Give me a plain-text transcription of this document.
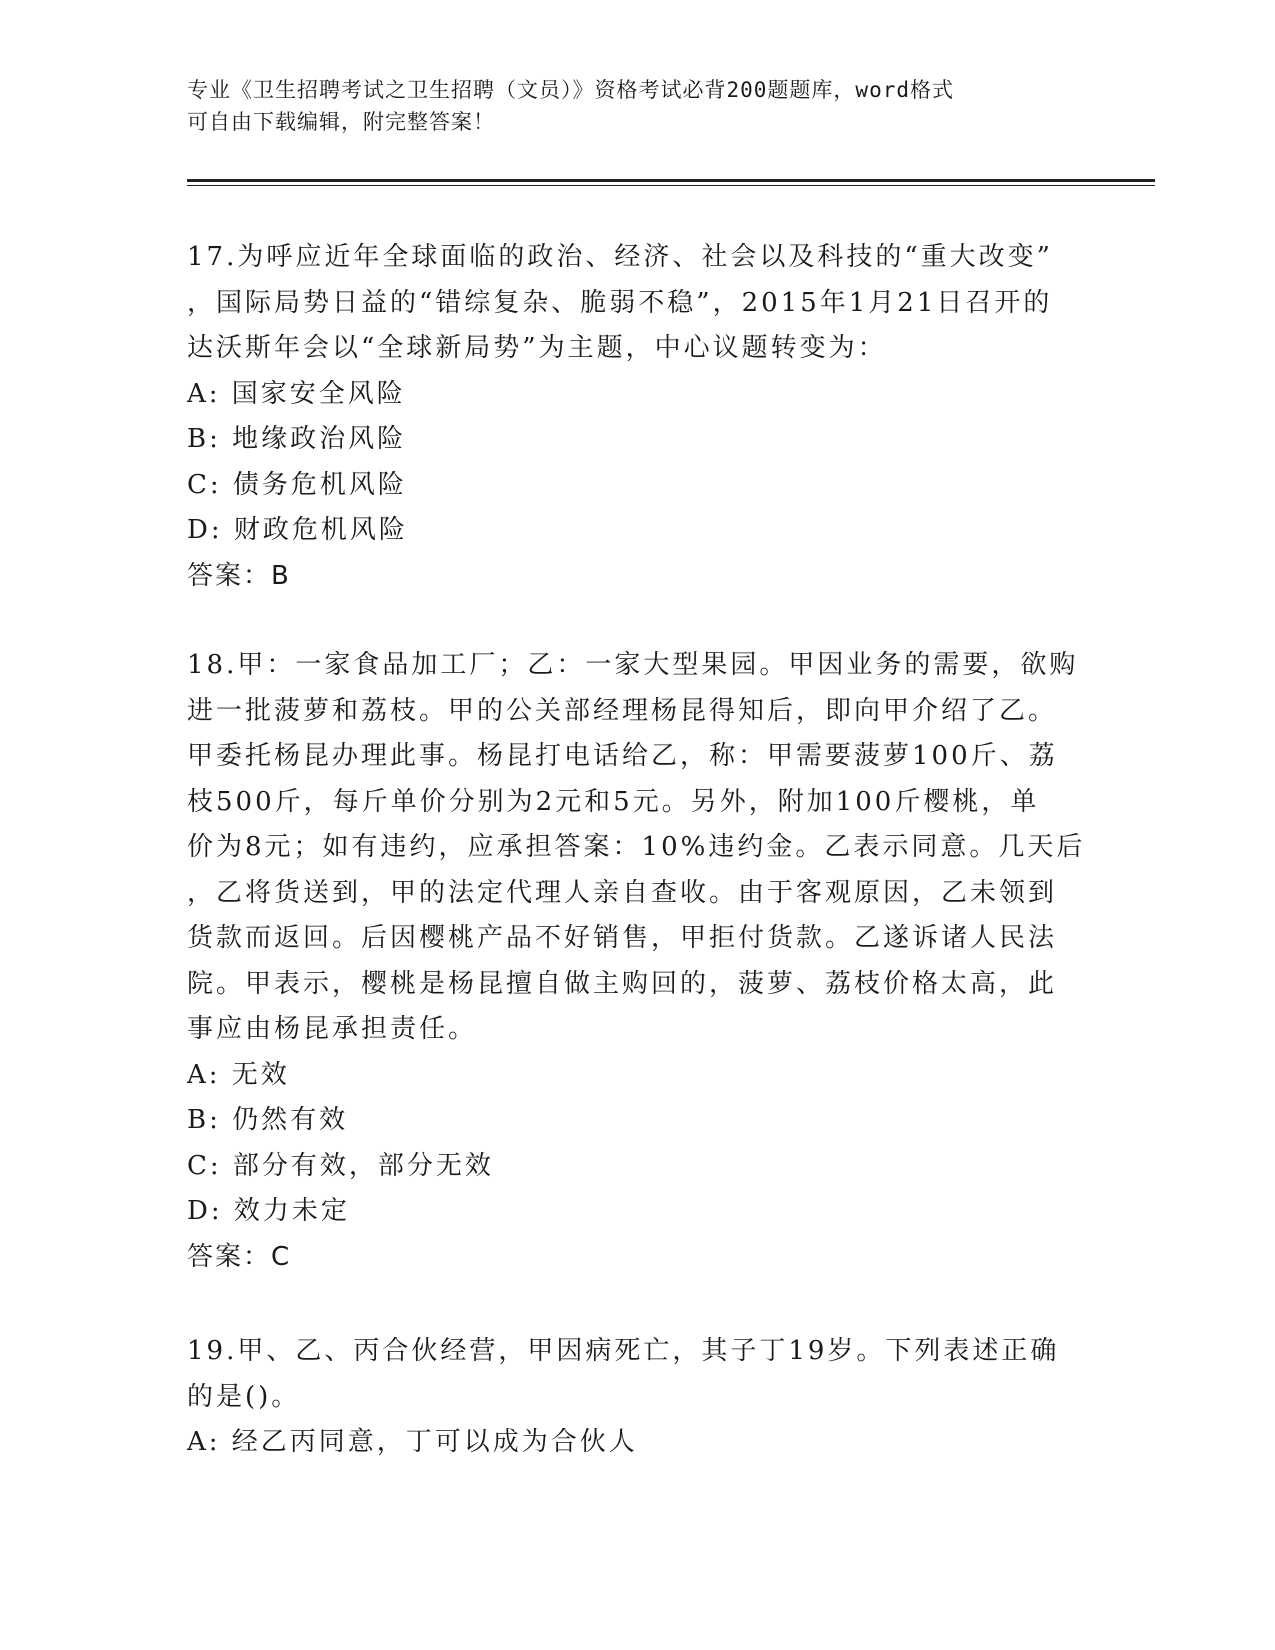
专业《卫生招聘考试之卫生招聘（文员）》资格考试必背200题题库，word格式
可自由下载编辑，附完整答案！

17.为呼应近年全球面临的政治、经济、社会以及科技的“重大改变”

，国际局势日益的“错综复杂、脆弱不稳”，2015年1月21日召开的

达沃斯年会以“全球新局势”为主题，中心议题转变为：

A: 国家安全风险

B: 地缘政治风险

C: 债务危机风险

D: 财政危机风险

答案：B

18.甲：一家食品加工厂；乙：一家大型果园。甲因业务的需要，欲购

进一批菠萝和荔枝。甲的公关部经理杨昆得知后，即向甲介绍了乙。

甲委托杨昆办理此事。杨昆打电话给乙，称：甲需要菠萝100斤、荔

枝500斤，每斤单价分别为2元和5元。另外，附加100斤樱桃，单

价为8元；如有违约，应承担答案：10%违约金。乙表示同意。几天后

，乙将货送到，甲的法定代理人亲自查收。由于客观原因，乙未领到

货款而返回。后因樱桃产品不好销售，甲拒付货款。乙遂诉诸人民法

院。甲表示，樱桃是杨昆擅自做主购回的，菠萝、荔枝价格太高，此

事应由杨昆承担责任。

A: 无效

B: 仍然有效

C: 部分有效，部分无效

D: 效力未定

答案：C

19.甲、乙、丙合伙经营，甲因病死亡，其子丁19岁。下列表述正确

的是()。

A: 经乙丙同意，丁可以成为合伙人
